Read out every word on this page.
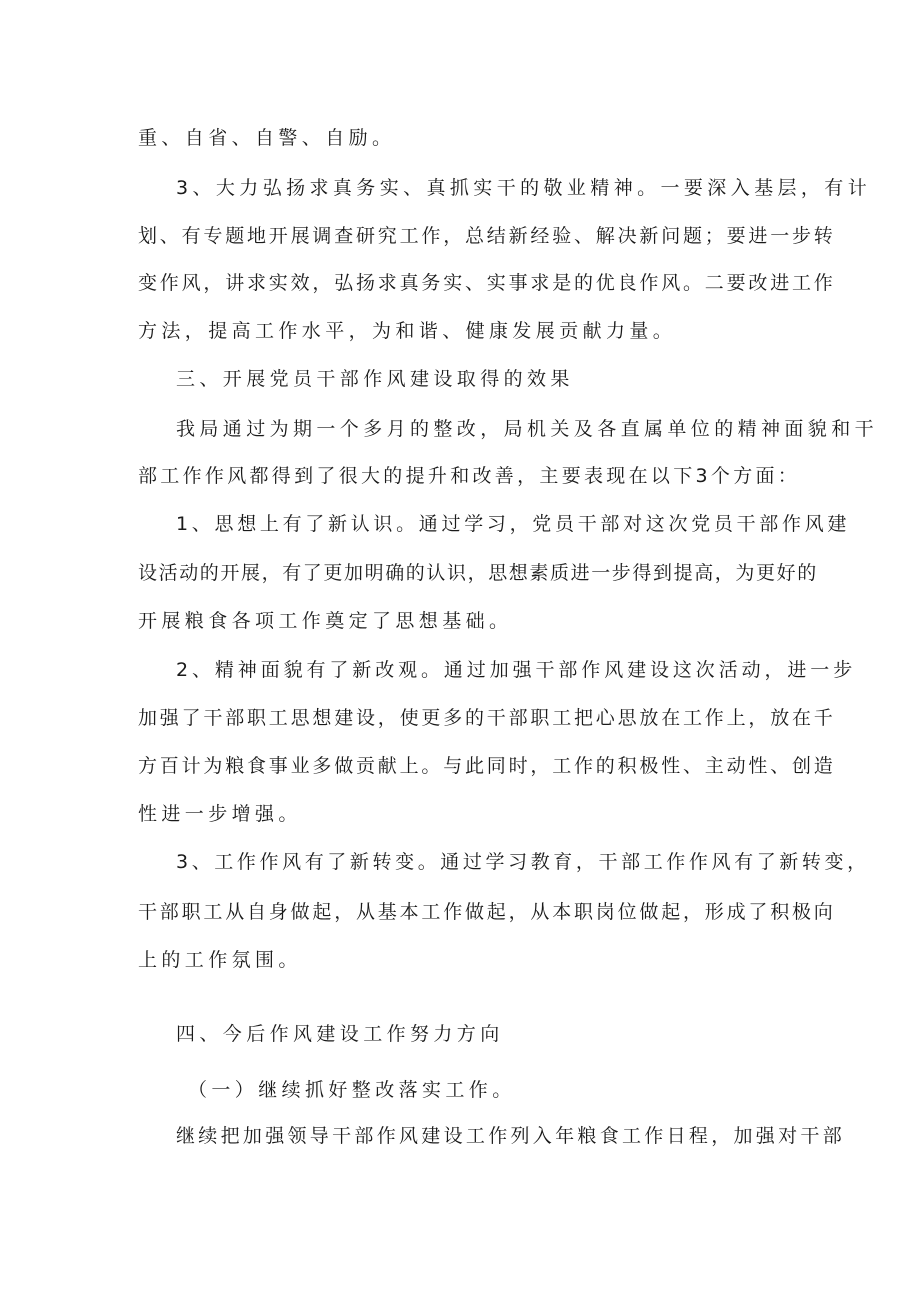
重、自省、自警、自励。

3、大力弘扬求真务实、真抓实干的敬业精神。一要深入基层，有计

划、有专题地开展调查研究工作，总结新经验、解决新问题；要进一步转

变作风，讲求实效，弘扬求真务实、实事求是的优良作风。二要改进工作

方法，提高工作水平，为和谐、健康发展贡献力量。

三、开展党员干部作风建设取得的效果

我局通过为期一个多月的整改，局机关及各直属单位的精神面貌和干

部工作作风都得到了很大的提升和改善，主要表现在以下3个方面：

1、思想上有了新认识。通过学习，党员干部对这次党员干部作风建

设活动的开展，有了更加明确的认识，思想素质进一步得到提高，为更好的

开展粮食各项工作奠定了思想基础。

2、精神面貌有了新改观。通过加强干部作风建设这次活动，进一步

加强了干部职工思想建设，使更多的干部职工把心思放在工作上，放在千

方百计为粮食事业多做贡献上。与此同时，工作的积极性、主动性、创造

性进一步增强。

3、工作作风有了新转变。通过学习教育，干部工作作风有了新转变，

干部职工从自身做起，从基本工作做起，从本职岗位做起，形成了积极向

上的工作氛围。

四、今后作风建设工作努力方向

（一）继续抓好整改落实工作。

继续把加强领导干部作风建设工作列入年粮食工作日程，加强对干部
